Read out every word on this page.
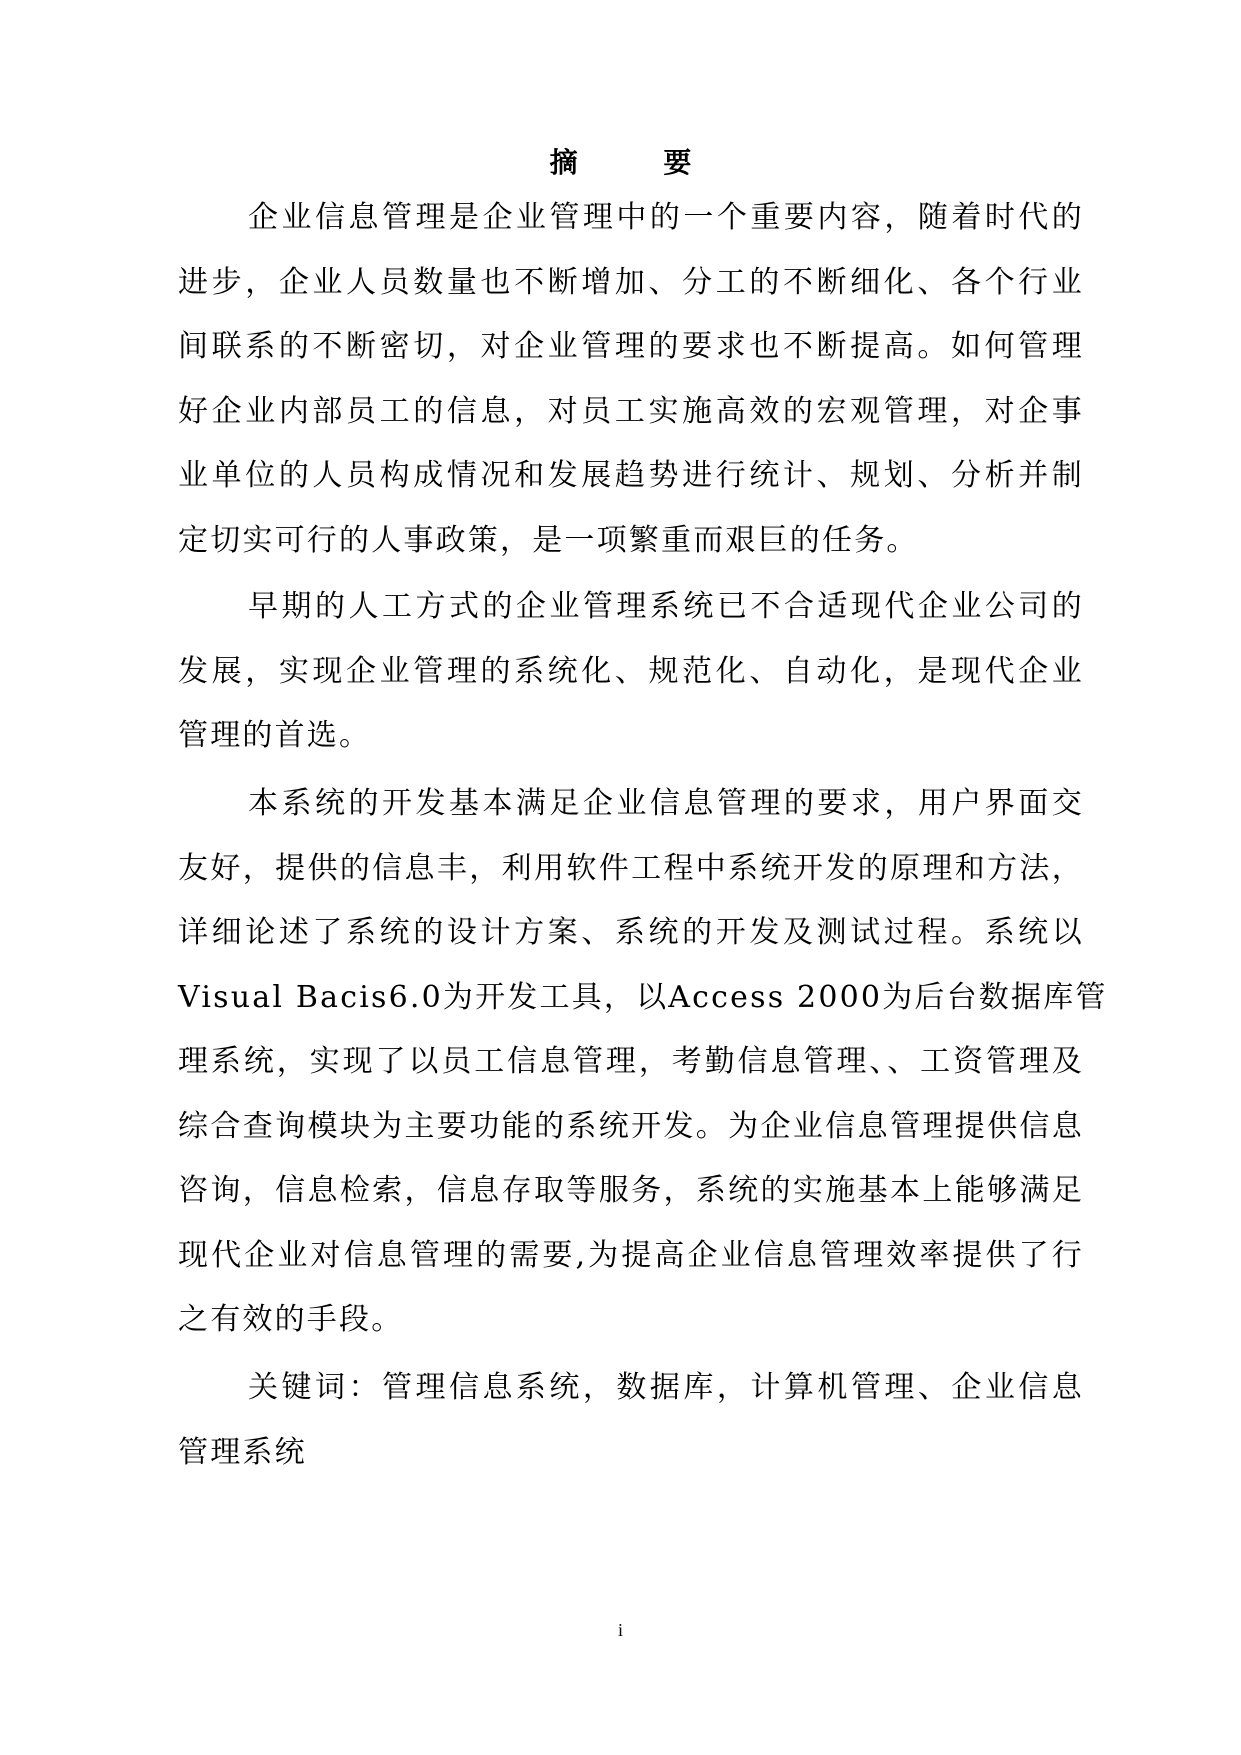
摘 要
企业信息管理是企业管理中的一个重要内容，随着时代的
进步，企业人员数量也不断增加、分工的不断细化、各个行业
间联系的不断密切，对企业管理的要求也不断提高。如何管理
好企业内部员工的信息，对员工实施高效的宏观管理，对企事
业单位的人员构成情况和发展趋势进行统计、规划、分析并制
定切实可行的人事政策，是一项繁重而艰巨的任务。
早期的人工方式的企业管理系统已不合适现代企业公司的
发展，实现企业管理的系统化、规范化、自动化，是现代企业
管理的首选。
本系统的开发基本满足企业信息管理的要求，用户界面交
友好，提供的信息丰，利用软件工程中系统开发的原理和方法，
详细论述了系统的设计方案、系统的开发及测试过程。系统以
Visual Bacis6.0为开发工具，以Access 2000为后台数据库管
理系统，实现了以员工信息管理，考勤信息管理、、工资管理及
综合查询模块为主要功能的系统开发。为企业信息管理提供信息
咨询，信息检索，信息存取等服务，系统的实施基本上能够满足
现代企业对信息管理的需要,为提高企业信息管理效率提供了行
之有效的手段。
关键词：管理信息系统，数据库，计算机管理、企业信息
管理系统
i
